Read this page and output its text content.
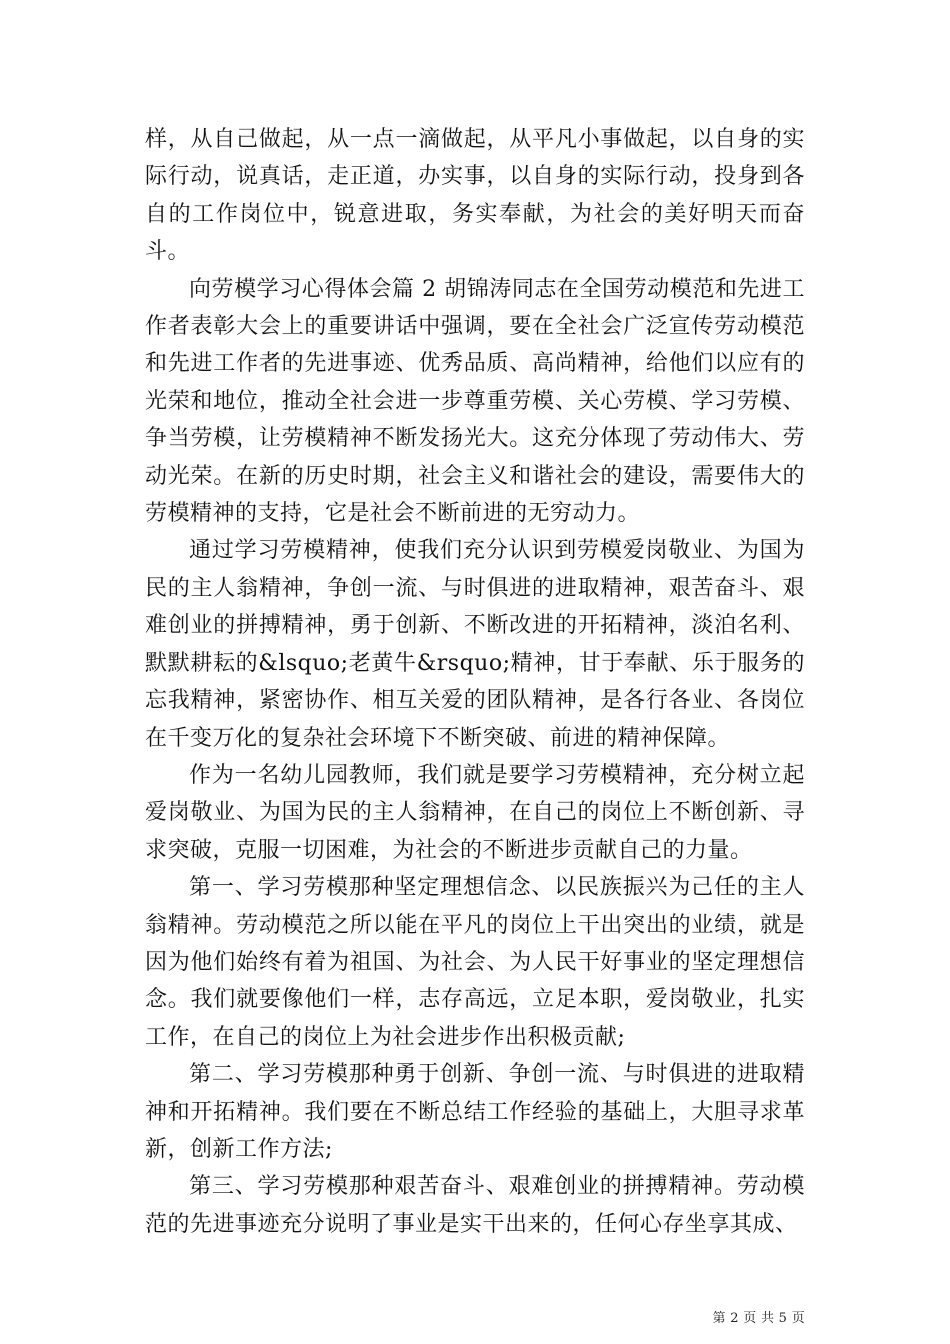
样，从自己做起，从一点一滴做起，从平凡小事做起，以自身的实际行动，说真话，走正道，办实事，以自身的实际行动，投身到各自的工作岗位中，锐意进取，务实奉献，为社会的美好明天而奋斗。

向劳模学习心得体会篇 2 胡锦涛同志在全国劳动模范和先进工作者表彰大会上的重要讲话中强调，要在全社会广泛宣传劳动模范和先进工作者的先进事迹、优秀品质、高尚精神，给他们以应有的光荣和地位，推动全社会进一步尊重劳模、关心劳模、学习劳模、争当劳模，让劳模精神不断发扬光大。这充分体现了劳动伟大、劳动光荣。在新的历史时期，社会主义和谐社会的建设，需要伟大的劳模精神的支持，它是社会不断前进的无穷动力。

通过学习劳模精神，使我们充分认识到劳模爱岗敬业、为国为民的主人翁精神，争创一流、与时俱进的进取精神，艰苦奋斗、艰难创业的拼搏精神，勇于创新、不断改进的开拓精神，淡泊名利、默默耕耘的&lsquo;老黄牛&rsquo;精神，甘于奉献、乐于服务的忘我精神，紧密协作、相互关爱的团队精神，是各行各业、各岗位在千变万化的复杂社会环境下不断突破、前进的精神保障。

作为一名幼儿园教师，我们就是要学习劳模精神，充分树立起爱岗敬业、为国为民的主人翁精神，在自己的岗位上不断创新、寻求突破，克服一切困难，为社会的不断进步贡献自己的力量。

第一、学习劳模那种坚定理想信念、以民族振兴为己任的主人翁精神。劳动模范之所以能在平凡的岗位上干出突出的业绩，就是因为他们始终有着为祖国、为社会、为人民干好事业的坚定理想信念。我们就要像他们一样，志存高远，立足本职，爱岗敬业，扎实工作，在自己的岗位上为社会进步作出积极贡献;

第二、学习劳模那种勇于创新、争创一流、与时俱进的进取精神和开拓精神。我们要在不断总结工作经验的基础上，大胆寻求革新，创新工作方法;

第三、学习劳模那种艰苦奋斗、艰难创业的拼搏精神。劳动模范的先进事迹充分说明了事业是实干出来的，任何心存坐享其成、

第 2 页 共 5 页
